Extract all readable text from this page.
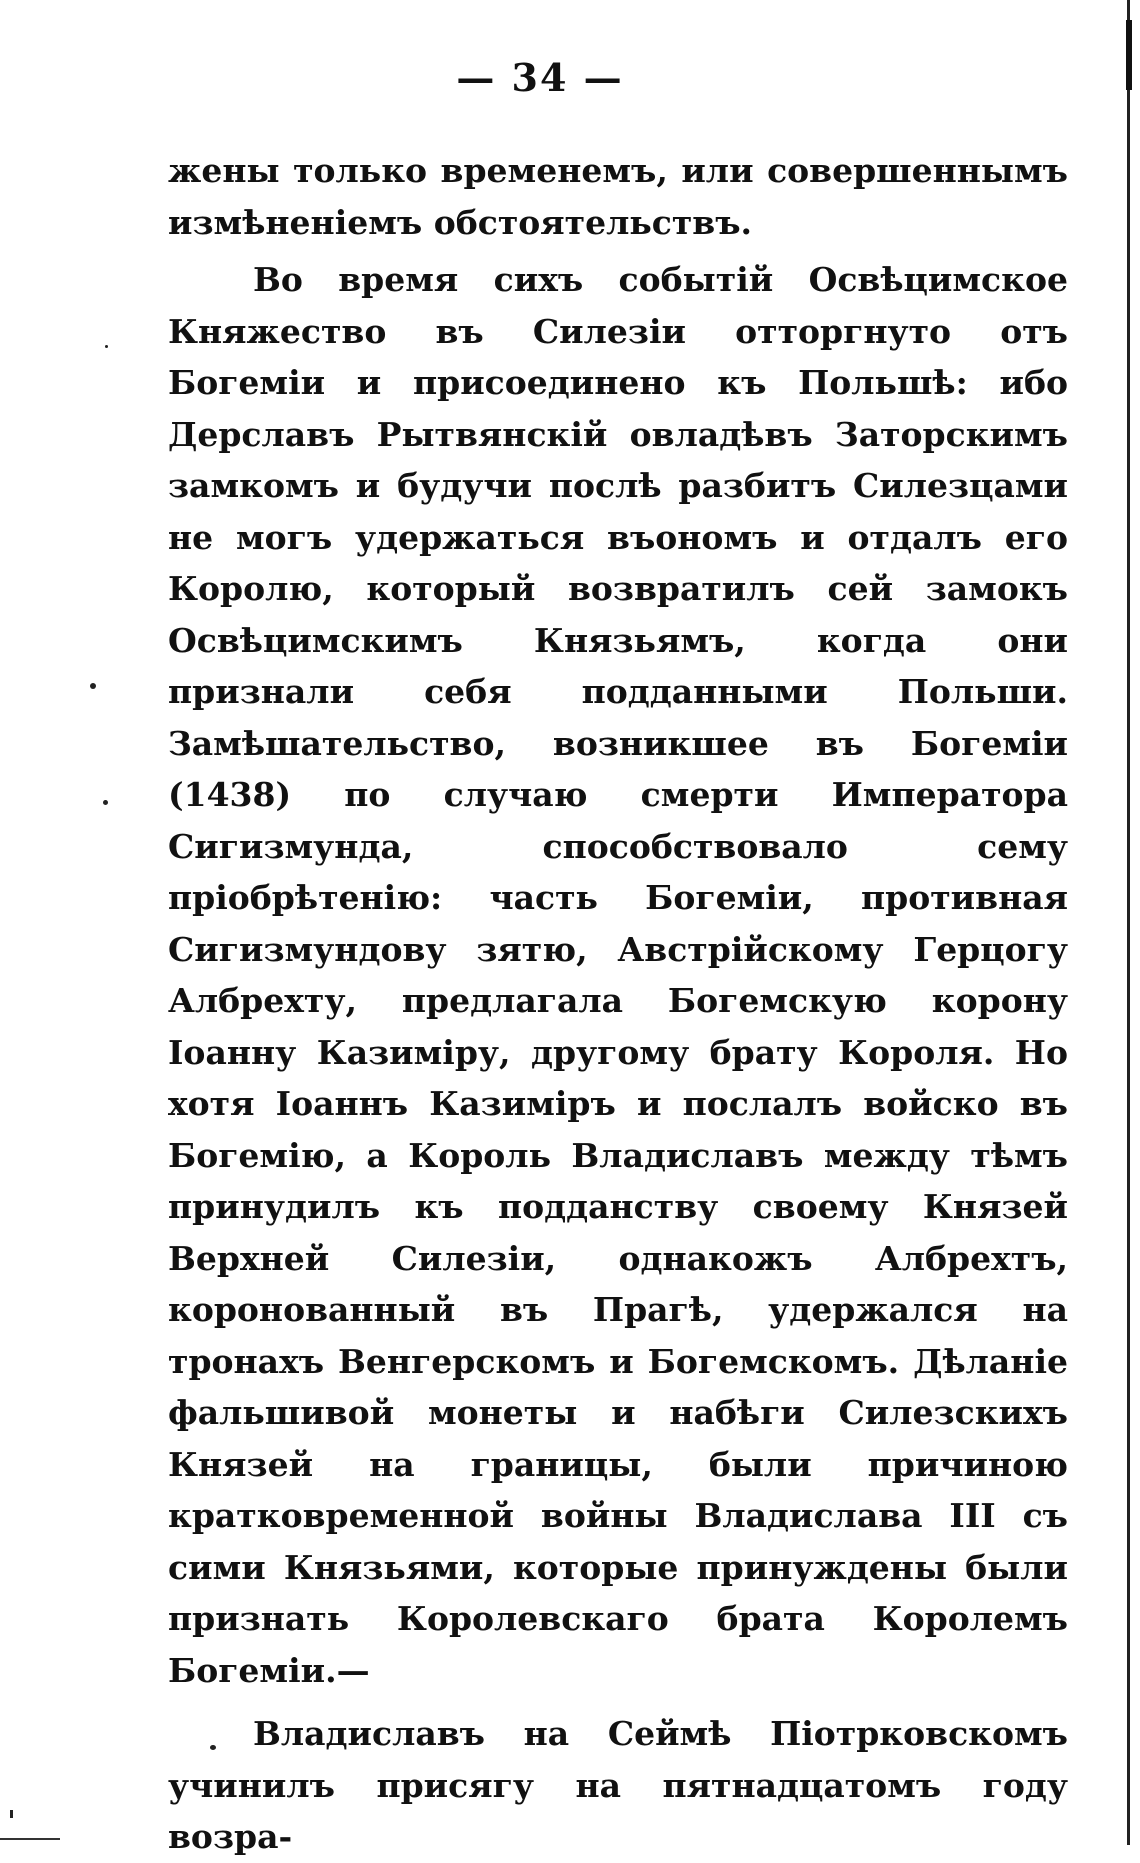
— 34 —

жены только временемъ, или совершеннымъ измѣненіемъ обстоятельствъ.

Во время сихъ событій Освѣцимское Княжество въ Силезіи отторгнуто отъ Богеміи и присоединено къ Польшѣ: ибо Дерславъ Рытвянскій овладѣвъ Заторскимъ замкомъ и будучи послѣ разбитъ Силезцами не могъ удержаться въономъ и отдалъ его Королю, который возвратилъ сей замокъ Освѣцимскимъ Князьямъ, когда они признали себя подданными Польши. Замѣшательство, возникшее въ Богеміи (1438) по случаю смерти Императора Сигизмунда, способствовало сему пріобрѣтенію: часть Богеміи, противная Сигизмундову зятю, Австрійскому Герцогу Албрехту, предлагала Богемскую корону Іоанну Казиміру, другому брату Короля. Но хотя Іоаннъ Казиміръ и послалъ войско въ Богемію, а Король Владиславъ между тѣмъ принудилъ къ подданству своему Князей Верхней Силезіи, однакожъ Албрехтъ, коронованный въ Прагѣ, удержался на тронахъ Венгерскомъ и Богемскомъ. Дѣланіе фальшивой монеты и набѣги Силезскихъ Князей на границы, были причиною кратковременной войны Владислава III съ сими Князьями, которые принуждены были признать Королевскаго брата Королемъ Богеміи.—

Владиславъ на Сеймѣ Піотрковскомъ учинилъ присягу на пятнадцатомъ году возра-
